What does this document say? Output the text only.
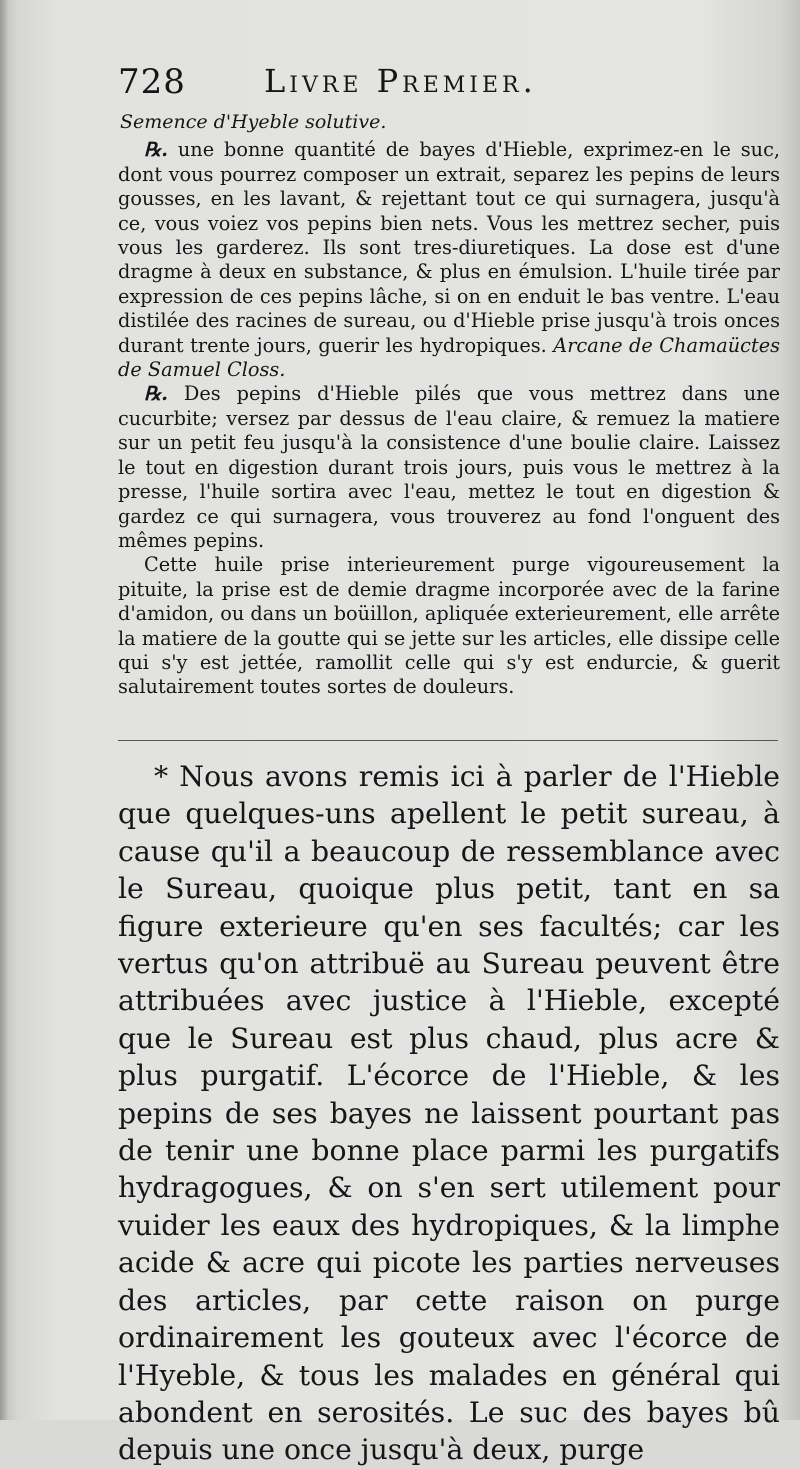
728 Livre Premier.

Semence d'Hyeble solutive.

℞. une bonne quantité de bayes d'Hieble, exprimez-en le suc, dont vous pourrez composer un extrait, separez les pepins de leurs gousses, en les lavant, & rejettant tout ce qui surnagera, jusqu'à ce, vous voiez vos pepins bien nets. Vous les mettrez secher, puis vous les garderez. Ils sont tres-diuretiques. La dose est d'une dragme à deux en substance, & plus en émulsion. L'huile tirée par expression de ces pepins lâche, si on en enduit le bas ventre. L'eau distilée des racines de sureau, ou d'Hieble prise jusqu'à trois onces durant trente jours, guerir les hydropiques. Arcane de Chamaüctes de Samuel Closs.

℞. Des pepins d'Hieble pilés que vous mettrez dans une cucurbite; versez par dessus de l'eau claire, & remuez la matiere sur un petit feu jusqu'à la consistence d'une boulie claire. Laissez le tout en digestion durant trois jours, puis vous le mettrez à la presse, l'huile sortira avec l'eau, mettez le tout en digestion & gardez ce qui surnagera, vous trouverez au fond l'onguent des mêmes pepins.

Cette huile prise interieurement purge vigoureusement la pituite, la prise est de demie dragme incorporée avec de la farine d'amidon, ou dans un boüillon, apliquée exterieurement, elle arrête la matiere de la goutte qui se jette sur les articles, elle dissipe celle qui s'y est jettée, ramollit celle qui s'y est endurcie, & guerit salutairement toutes sortes de douleurs.

* Nous avons remis ici à parler de l'Hieble que quelques-uns apellent le petit sureau, à cause qu'il a beaucoup de ressemblance avec le Sureau, quoique plus petit, tant en sa figure exterieure qu'en ses facultés; car les vertus qu'on attribuë au Sureau peuvent être attribuées avec justice à l'Hieble, excepté que le Sureau est plus chaud, plus acre & plus purgatif. L'écorce de l'Hieble, & les pepins de ses bayes ne laissent pourtant pas de tenir une bonne place parmi les purgatifs hydragogues, & on s'en sert utilement pour vuider les eaux des hydropiques, & la limphe acide & acre qui picote les parties nerveuses des articles, par cette raison on purge ordinairement les gouteux avec l'écorce de l'Hyeble, & tous les malades en général qui abondent en serosités. Le suc des bayes bû depuis une once jusqu'à deux, purge
